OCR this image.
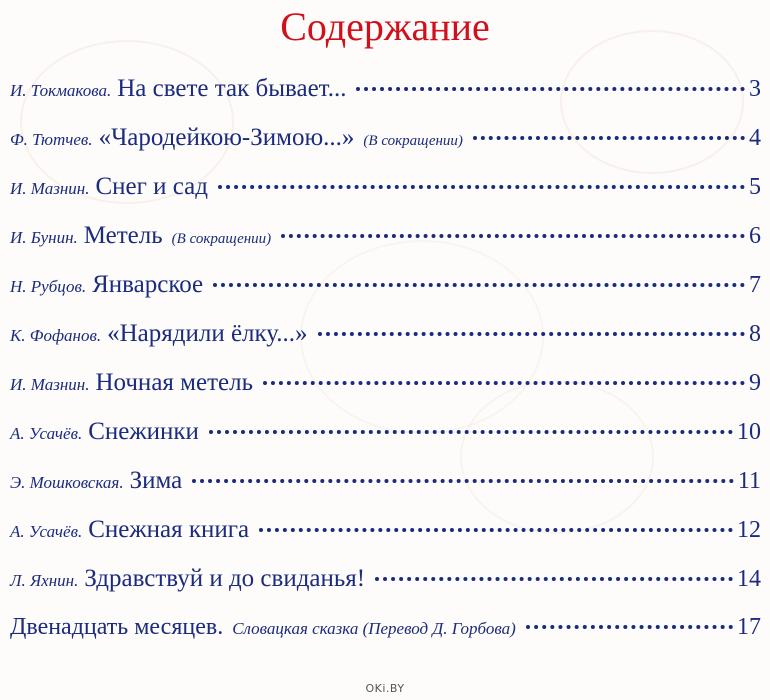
Содержание
И. Токмакова. На свете так бывает...	3
Ф. Тютчев. «Чародейкою-Зимою...» (В сокращении)	4
И. Мазнин. Снег и сад	5
И. Бунин. Метель (В сокращении)	6
Н. Рубцов. Январское	7
К. Фофанов. «Нарядили ёлку...»	8
И. Мазнин. Ночная метель	9
А. Усачёв. Снежинки	10
Э. Мошковская. Зима	11
А. Усачёв. Снежная книга	12
Л. Яхнин. Здравствуй и до свиданья!	14
Двенадцать месяцев. Словацкая сказка (Перевод Д. Горбова)	17
OKi.BY
